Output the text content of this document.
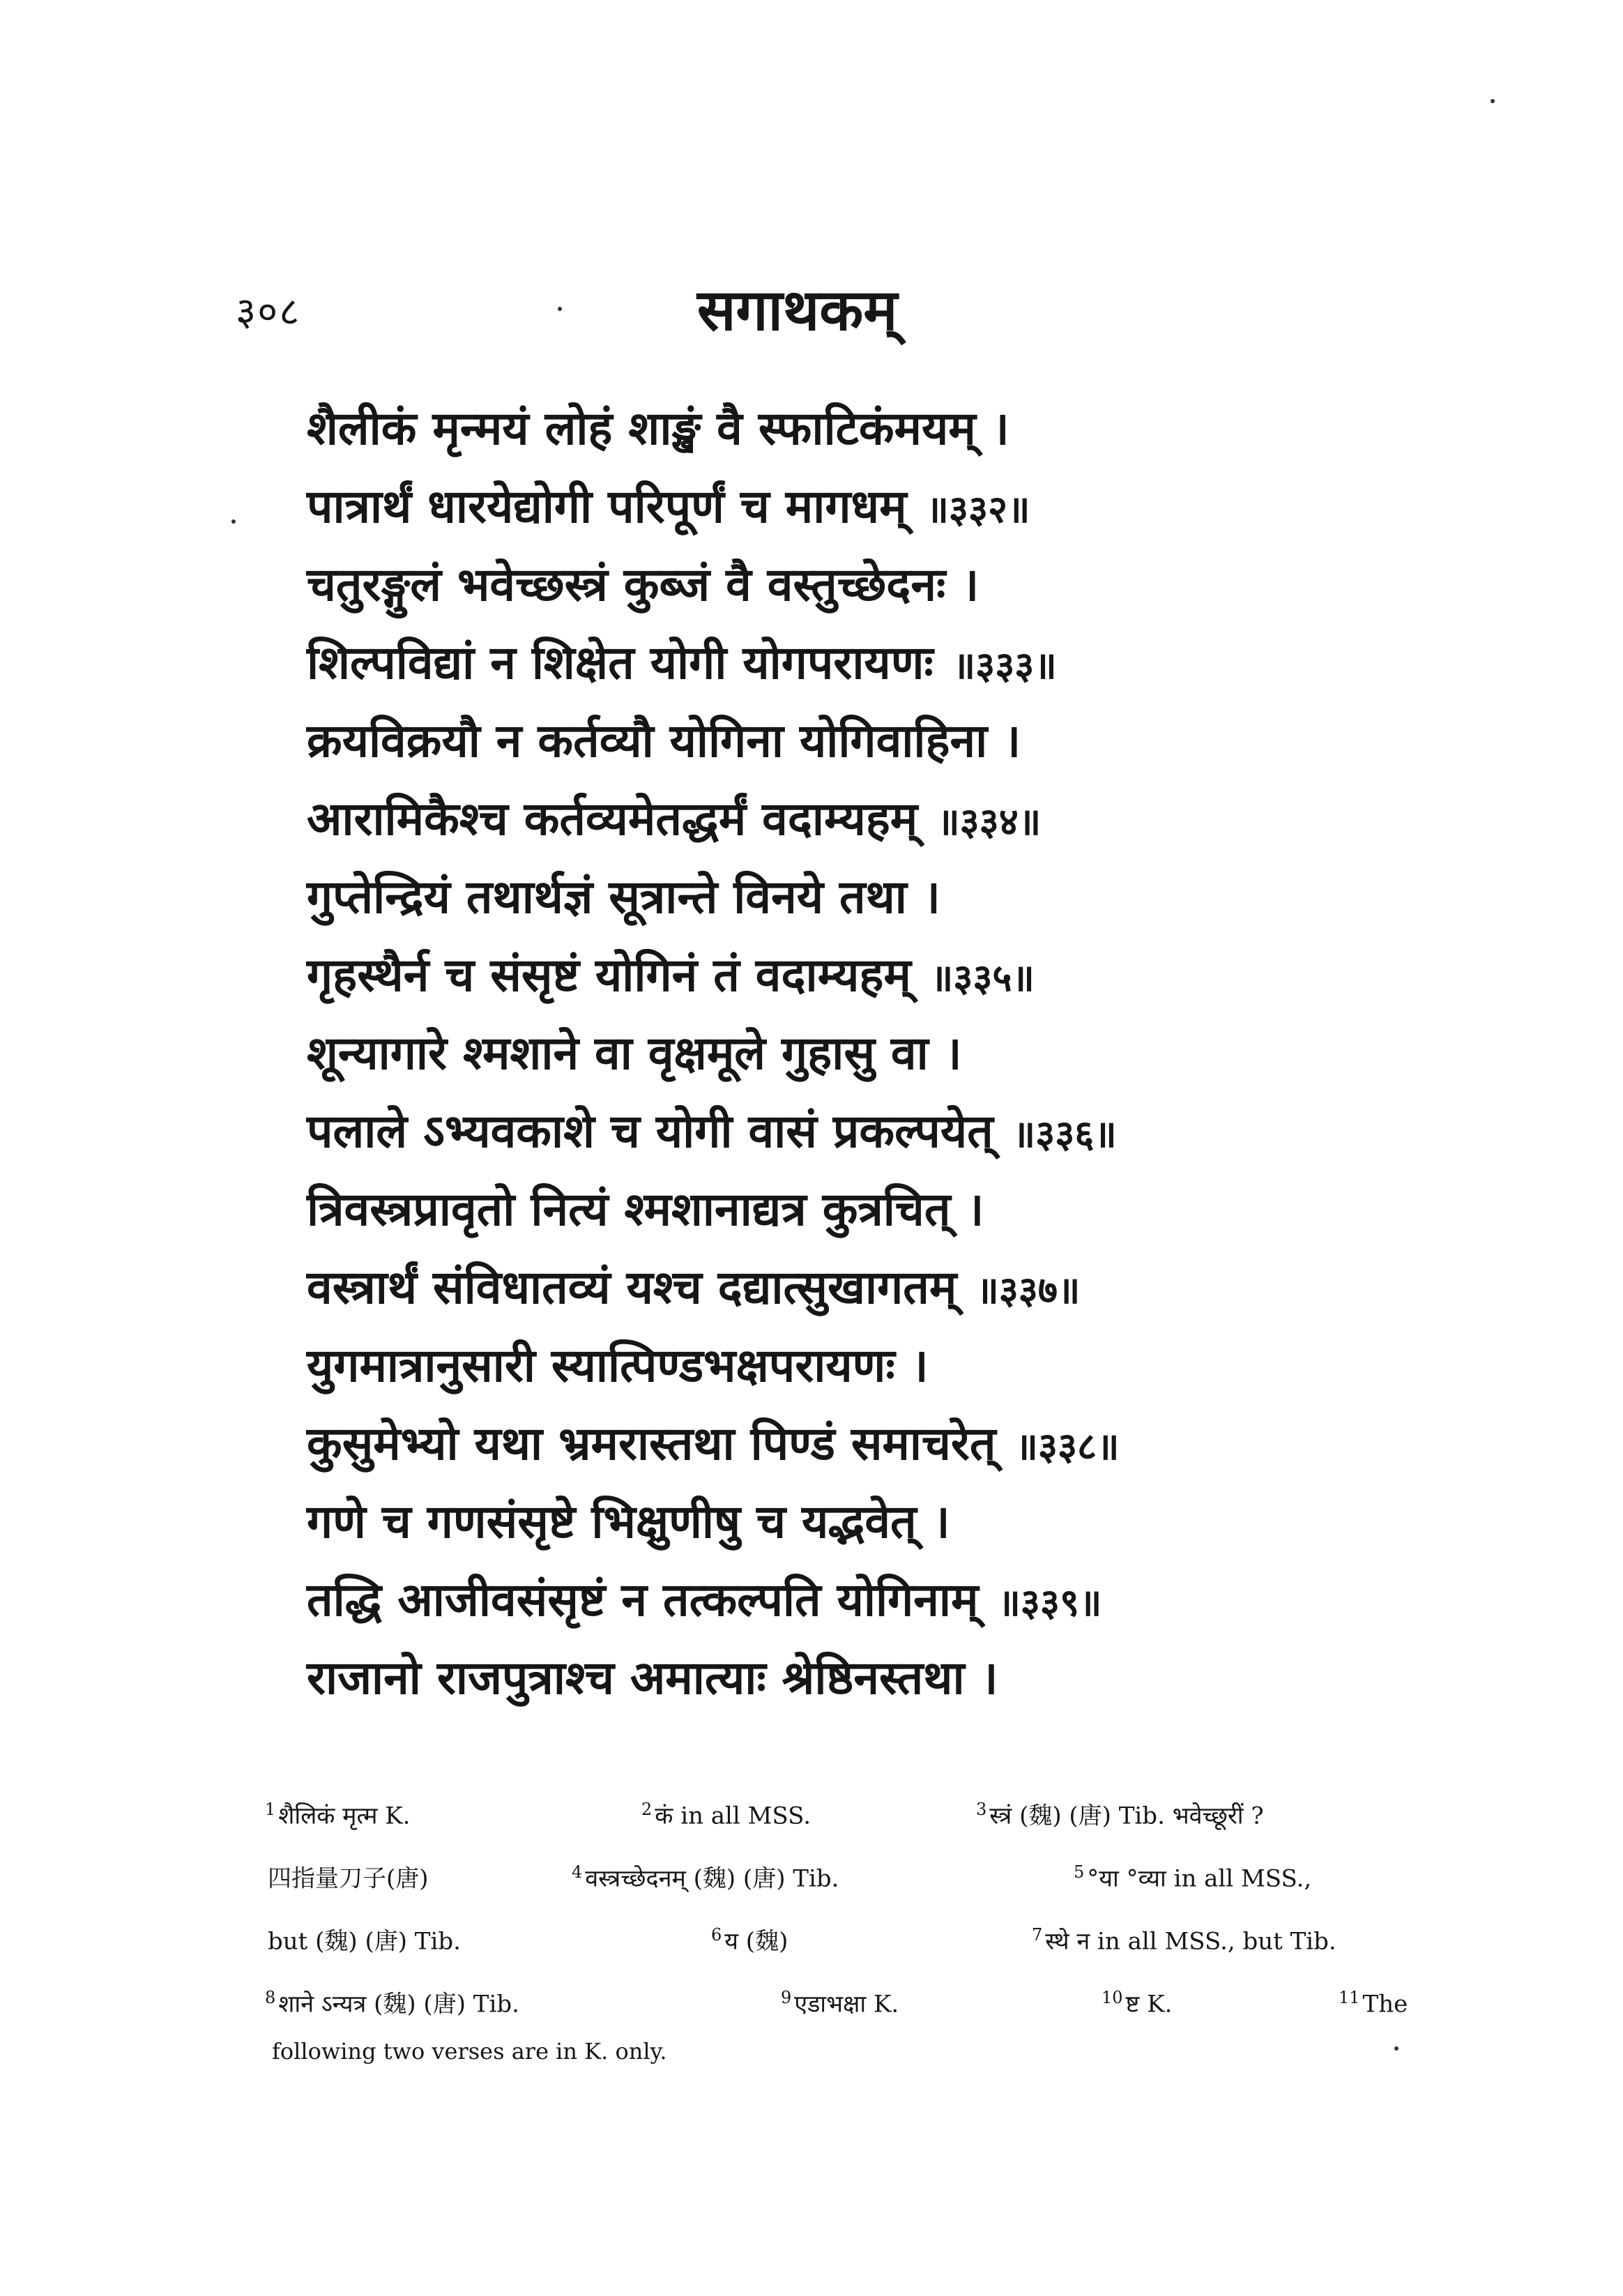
३०८	सगाथकम्
शैलीकं मृन्मयं लोहं शाङ्खं वै स्फाटिकंमयम् ।
पात्रार्थं धारयेद्योगी परिपूर्णं च मागधम् ॥३३२॥
चतुरङ्गुलं भवेच्छस्त्रं कुब्जं वै वस्तुच्छेदनः ।
शिल्पविद्यां न शिक्षेत योगी योगपरायणः ॥३३३॥
क्रयविक्रयौ न कर्तव्यौ योगिना योगिवाहिना ।
आरामिकैश्च कर्तव्यमेतद्धर्मं वदाम्यहम् ॥३३४॥
गुप्तेन्द्रियं तथार्थज्ञं सूत्रान्ते विनये तथा ।
गृहस्थैर्न च संसृष्टं योगिनं तं वदाम्यहम् ॥३३५॥
शून्यागारे श्मशाने वा वृक्षमूले गुहासु वा ।
पलाले ऽभ्यवकाशे च योगी वासं प्रकल्पयेत् ॥३३६॥
त्रिवस्त्रप्रावृतो नित्यं श्मशानाद्यत्र कुत्रचित् ।
वस्त्रार्थं संविधातव्यं यश्च दद्यात्सुखागतम् ॥३३७॥
युगमात्रानुसारी स्यात्पिण्डभक्षपरायणः ।
कुसुमेभ्यो यथा भ्रमरास्तथा पिण्डं समाचरेत् ॥३३८॥
गणे च गणसंसृष्टे भिक्षुणीषु च यद्भवेत् ।
तद्धि आजीवसंसृष्टं न तत्कल्पति योगिनाम् ॥३३९॥
राजानो राजपुत्राश्च अमात्याः श्रेष्ठिनस्तथा ।
$^1$ शैलिकं मृत्म K.	$^2$ कं in all MSS.	$^3$ स्त्रं (魏) (唐) Tib. भवेच्छूरीं ?
四指量刀子(唐)	$^4$ वस्त्रच्छेदनम् (魏) (唐) Tib.	$^5$ °या °व्या in all MSS.,
but (魏) (唐) Tib.	$^6$ य (魏)	$^7$ स्थे न in all MSS., but Tib.
$^8$ शाने ऽन्यत्र (魏) (唐) Tib.	$^9$ एडाभक्षा K.	$^{10}$ ष्ट K.	$^{11}$ The
following two verses are in K. only.
